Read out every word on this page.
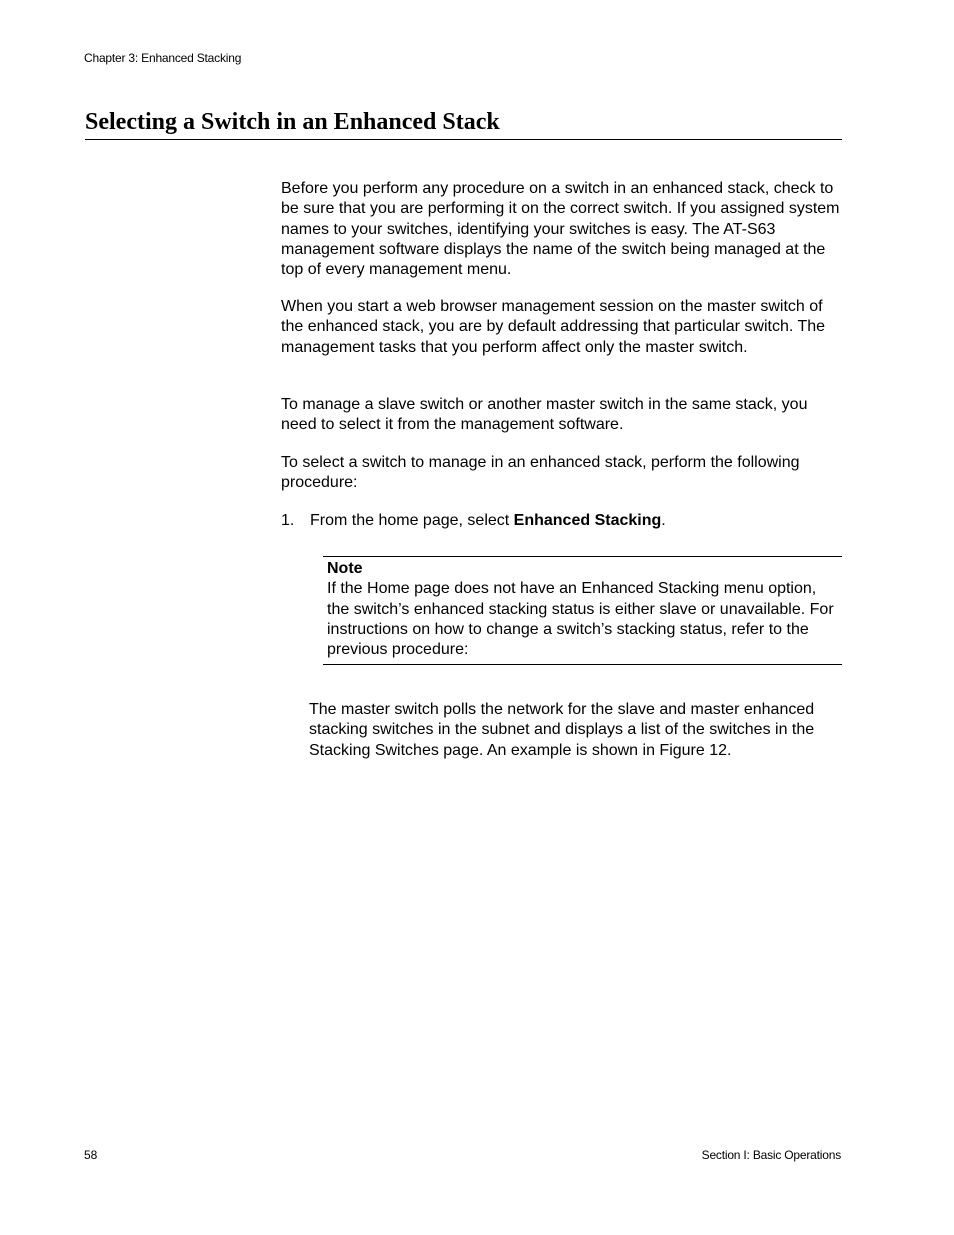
Chapter 3: Enhanced Stacking
Selecting a Switch in an Enhanced Stack

Before you perform any procedure on a switch in an enhanced stack, check to be sure that you are performing it on the correct switch. If you assigned system names to your switches, identifying your switches is easy. The AT-S63 management software displays the name of the switch being managed at the top of every management menu.

When you start a web browser management session on the master switch of the enhanced stack, you are by default addressing that particular switch. The management tasks that you perform affect only the master switch.

To manage a slave switch or another master switch in the same stack, you need to select it from the management software.

To select a switch to manage in an enhanced stack, perform the following procedure:

1. From the home page, select Enhanced Stacking.
Note
If the Home page does not have an Enhanced Stacking menu option, the switch’s enhanced stacking status is either slave or unavailable. For instructions on how to change a switch’s stacking status, refer to the previous procedure:

The master switch polls the network for the slave and master enhanced stacking switches in the subnet and displays a list of the switches in the Stacking Switches page. An example is shown in Figure 12.

58	Section I: Basic Operations
